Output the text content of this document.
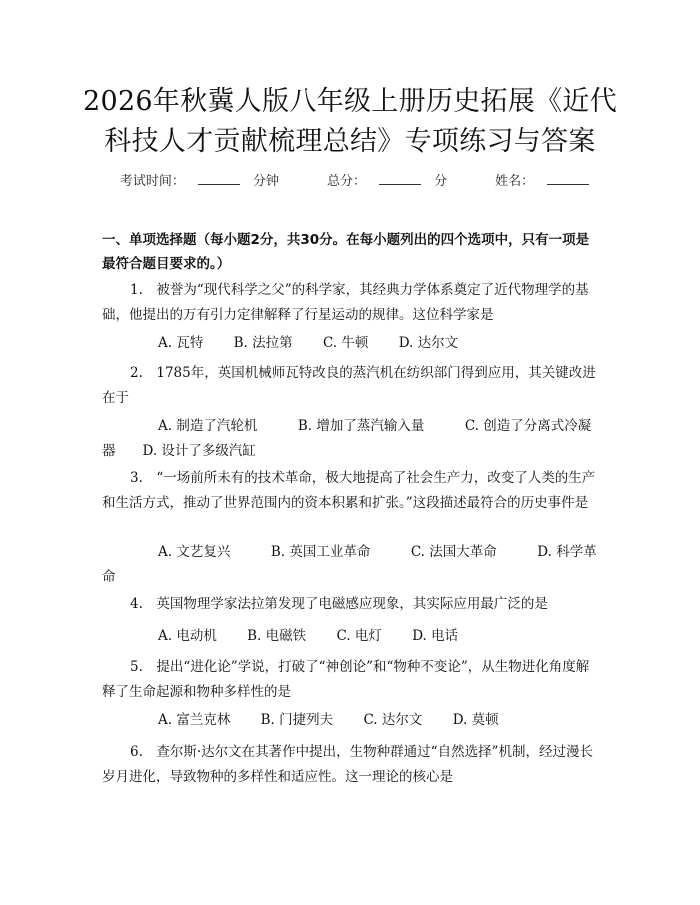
2026年秋冀人版八年级上册历史拓展《近代
科技人才贡献梳理总结》专项练习与答案
考试时间：	分钟	总分：	分	姓名：
一、单项选择题（每小题2分，共30分。在每小题列出的四个选项中，只有一项是最符合题目要求的。）
1.　被誉为“现代科学之父”的科学家，其经典力学体系奠定了近代物理学的基础，他提出的万有引力定律解释了行星运动的规律。这位科学家是
A. 瓦特 B. 法拉第 C. 牛顿 D. 达尔文
2.　1785年，英国机械师瓦特改良的蒸汽机在纺织部门得到应用，其关键改进在于
A. 制造了汽轮机　　　B. 增加了蒸汽输入量　　　C. 创造了分离式冷凝器　　D. 设计了多级汽缸
3.　“一场前所未有的技术革命，极大地提高了社会生产力，改变了人类的生产和生活方式，推动了世界范围内的资本积累和扩张。”这段描述最符合的历史事件是
A. 文艺复兴　　　B. 英国工业革命　　　C. 法国大革命　　　D. 科学革命
4.　英国物理学家法拉第发现了电磁感应现象，其实际应用最广泛的是
A. 电动机 B. 电磁铁 C. 电灯 D. 电话
5.　提出“进化论”学说，打破了“神创论”和“物种不变论”，从生物进化角度解释了生命起源和物种多样性的是
A. 富兰克林 B. 门捷列夫 C. 达尔文 D. 莫顿
6.　查尔斯·达尔文在其著作中提出，生物种群通过“自然选择”机制，经过漫长岁月进化，导致物种的多样性和适应性。这一理论的核心是
